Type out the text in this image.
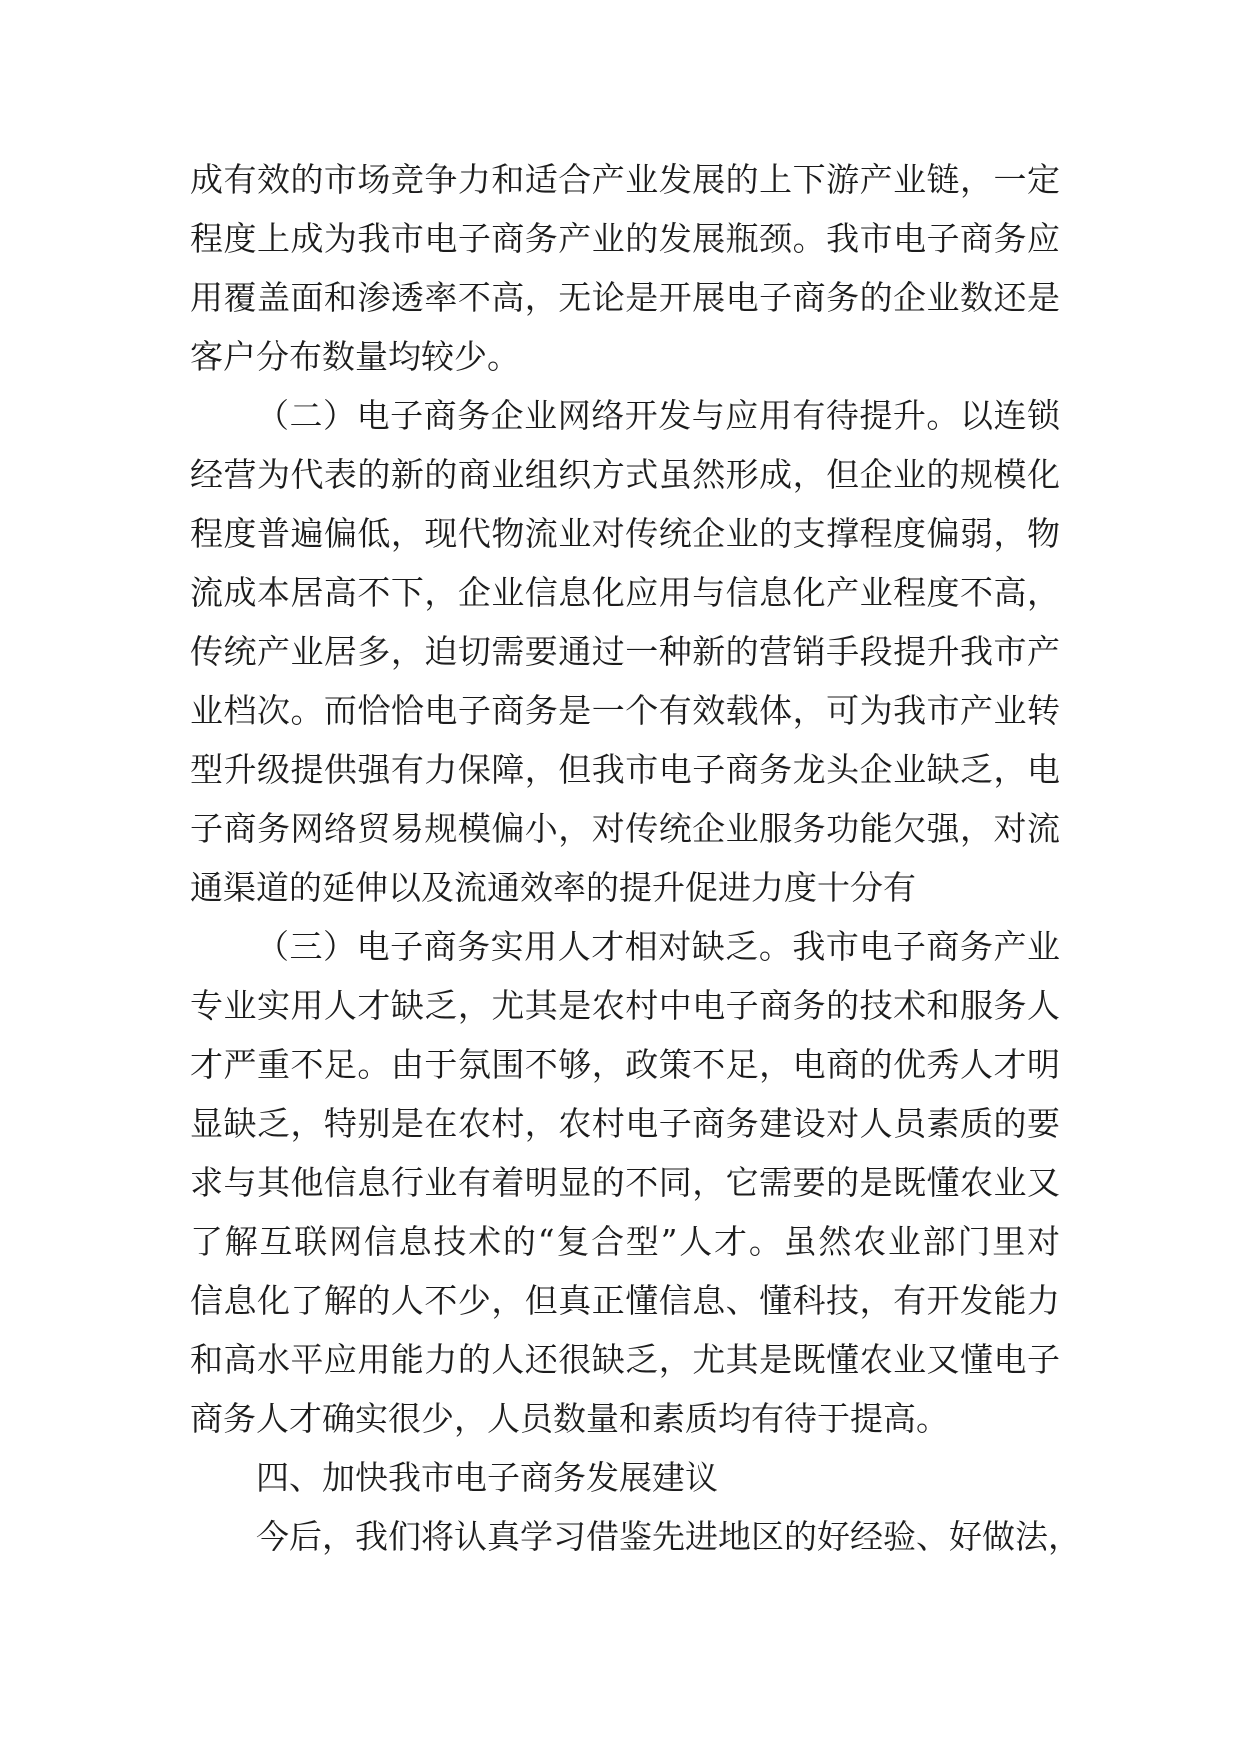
成有效的市场竞争力和适合产业发展的上下游产业链，一定
程度上成为我市电子商务产业的发展瓶颈。我市电子商务应
用覆盖面和渗透率不高，无论是开展电子商务的企业数还是
客户分布数量均较少。
（二）电子商务企业网络开发与应用有待提升。以连锁
经营为代表的新的商业组织方式虽然形成，但企业的规模化
程度普遍偏低，现代物流业对传统企业的支撑程度偏弱，物
流成本居高不下，企业信息化应用与信息化产业程度不高，
传统产业居多，迫切需要通过一种新的营销手段提升我市产
业档次。而恰恰电子商务是一个有效载体，可为我市产业转
型升级提供强有力保障，但我市电子商务龙头企业缺乏，电
子商务网络贸易规模偏小，对传统企业服务功能欠强，对流
通渠道的延伸以及流通效率的提升促进力度十分有
（三）电子商务实用人才相对缺乏。我市电子商务产业
专业实用人才缺乏，尤其是农村中电子商务的技术和服务人
才严重不足。由于氛围不够，政策不足，电商的优秀人才明
显缺乏，特别是在农村，农村电子商务建设对人员素质的要
求与其他信息行业有着明显的不同，它需要的是既懂农业又
了解互联网信息技术的“复合型”人才。虽然农业部门里对
信息化了解的人不少，但真正懂信息、懂科技，有开发能力
和高水平应用能力的人还很缺乏，尤其是既懂农业又懂电子
商务人才确实很少，人员数量和素质均有待于提高。
四、加快我市电子商务发展建议
今后，我们将认真学习借鉴先进地区的好经验、好做法，
